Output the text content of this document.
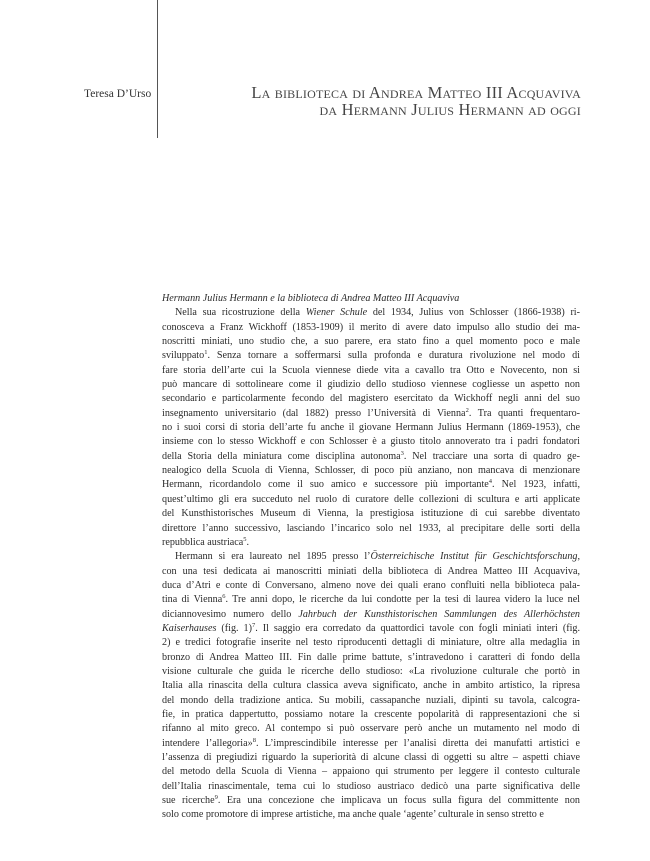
Teresa D’Urso	La biblioteca di Andrea Matteo III Acquaviva
da Hermann Julius Hermann ad oggi
Hermann Julius Hermann e la biblioteca di Andrea Matteo III Acquaviva
Nella sua ricostruzione della Wiener Schule del 1934, Julius von Schlosser (1866-1938) ri-
conosceva a Franz Wickhoff (1853-1909) il merito di avere dato impulso allo studio dei ma-
noscritti miniati, uno studio che, a suo parere, era stato fino a quel momento poco e male
sviluppato$^1$. Senza tornare a soffermarsi sulla profonda e duratura rivoluzione nel modo di
fare storia dell’arte cui la Scuola viennese diede vita a cavallo tra Otto e Novecento, non si
può mancare di sottolineare come il giudizio dello studioso viennese cogliesse un aspetto non
secondario e particolarmente fecondo del magistero esercitato da Wickhoff negli anni del suo
insegnamento universitario (dal 1882) presso l’Università di Vienna$^2$. Tra quanti frequentaro-
no i suoi corsi di storia dell’arte fu anche il giovane Hermann Julius Hermann (1869-1953), che
insieme con lo stesso Wickhoff e con Schlosser è a giusto titolo annoverato tra i padri fondatori
della Storia della miniatura come disciplina autonoma$^3$. Nel tracciare una sorta di quadro ge-
nealogico della Scuola di Vienna, Schlosser, di poco più anziano, non mancava di menzionare
Hermann, ricordandolo come il suo amico e successore più importante$^4$. Nel 1923, infatti,
quest’ultimo gli era succeduto nel ruolo di curatore delle collezioni di scultura e arti applicate
del Kunsthistorisches Museum di Vienna, la prestigiosa istituzione di cui sarebbe diventato
direttore l’anno successivo, lasciando l’incarico solo nel 1933, al precipitare delle sorti della
repubblica austriaca$^5$.
Hermann si era laureato nel 1895 presso l’Österreichische Institut für Geschichtsforschung,
con una tesi dedicata ai manoscritti miniati della biblioteca di Andrea Matteo III Acquaviva,
duca d’Atri e conte di Conversano, almeno nove dei quali erano confluiti nella biblioteca pala-
tina di Vienna$^6$. Tre anni dopo, le ricerche da lui condotte per la tesi di laurea videro la luce nel
diciannovesimo numero dello Jahrbuch der Kunsthistorischen Sammlungen des Allerhöchsten
Kaiserhauses (fig. 1)$^7$. Il saggio era corredato da quattordici tavole con fogli miniati interi (fig.
2) e tredici fotografie inserite nel testo riproducenti dettagli di miniature, oltre alla medaglia in
bronzo di Andrea Matteo III. Fin dalle prime battute, s’intravedono i caratteri di fondo della
visione culturale che guida le ricerche dello studioso: «La rivoluzione culturale che portò in
Italia alla rinascita della cultura classica aveva significato, anche in ambito artistico, la ripresa
del mondo della tradizione antica. Su mobili, cassapanche nuziali, dipinti su tavola, calcogra-
fie, in pratica dappertutto, possiamo notare la crescente popolarità di rappresentazioni che si
rifanno al mito greco. Al contempo si può osservare però anche un mutamento nel modo di
intendere l’allegoria»$^8$. L’imprescindibile interesse per l’analisi diretta dei manufatti artistici e
l’assenza di pregiudizi riguardo la superiorità di alcune classi di oggetti su altre – aspetti chiave
del metodo della Scuola di Vienna – appaiono qui strumento per leggere il contesto culturale
dell’Italia rinascimentale, tema cui lo studioso austriaco dedicò una parte significativa delle
sue ricerche$^9$. Era una concezione che implicava un focus sulla figura del committente non
solo come promotore di imprese artistiche, ma anche quale ‘agente’ culturale in senso stretto e
